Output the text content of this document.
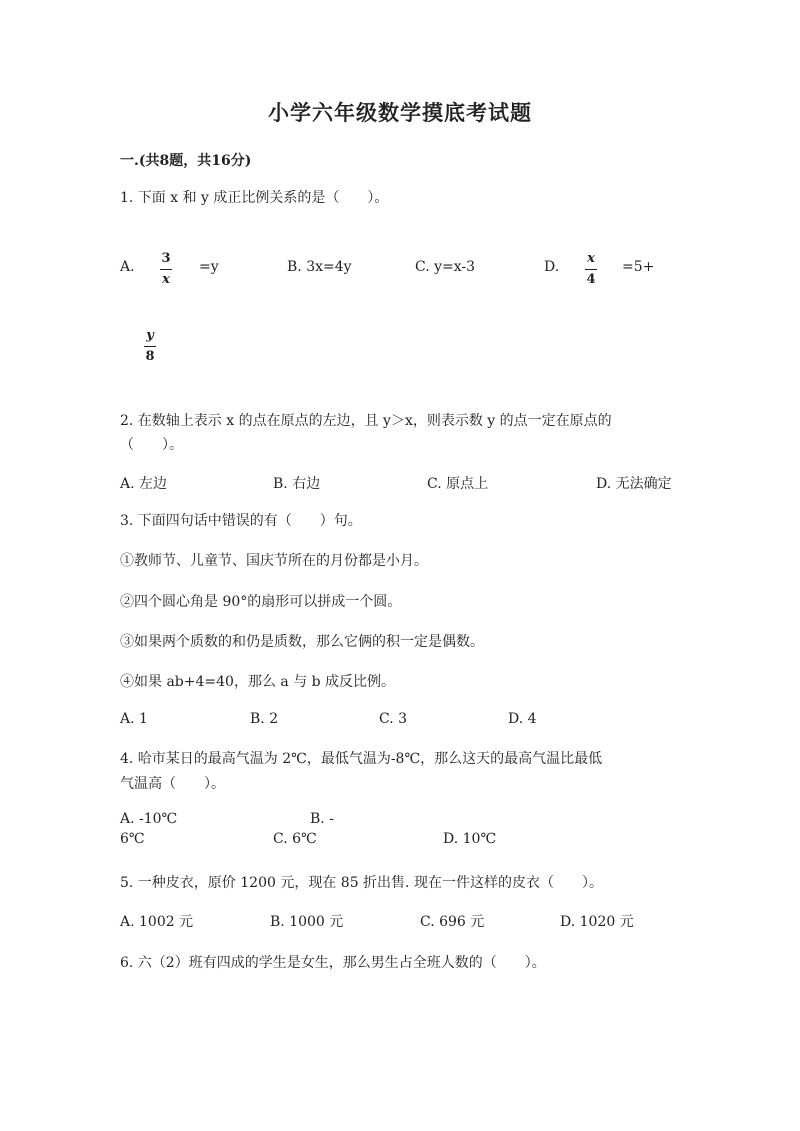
小学六年级数学摸底考试题
一.(共8题，共16分)
1. 下面 x 和 y 成正比例关系的是（　　）。
A.
3
x
=y	B. 3x=4y	C. y=x-3	D.
x
4
=5+
y
8
2. 在数轴上表示 x 的点在原点的左边，且 y＞x，则表示数 y 的点一定在原点的
（　　）。
A. 左边	B. 右边	C. 原点上	D. 无法确定
3. 下面四句话中错误的有（　　）句。
①教师节、儿童节、国庆节所在的月份都是小月。
②四个圆心角是 90°的扇形可以拼成一个圆。
③如果两个质数的和仍是质数，那么它俩的积一定是偶数。
④如果 ab+4=40，那么 a 与 b 成反比例。
A. 1	B. 2	C. 3	D. 4
4. 哈市某日的最高气温为 2℃，最低气温为-8℃，那么这天的最高气温比最低
气温高（　　）。
A. -10℃	B. -
6℃	C. 6℃	D. 10℃
5. 一种皮衣，原价 1200 元，现在 85 折出售. 现在一件这样的皮衣（　　）。
A. 1002 元	B. 1000 元	C. 696 元	D. 1020 元
6. 六（2）班有四成的学生是女生，那么男生占全班人数的（　　）。
